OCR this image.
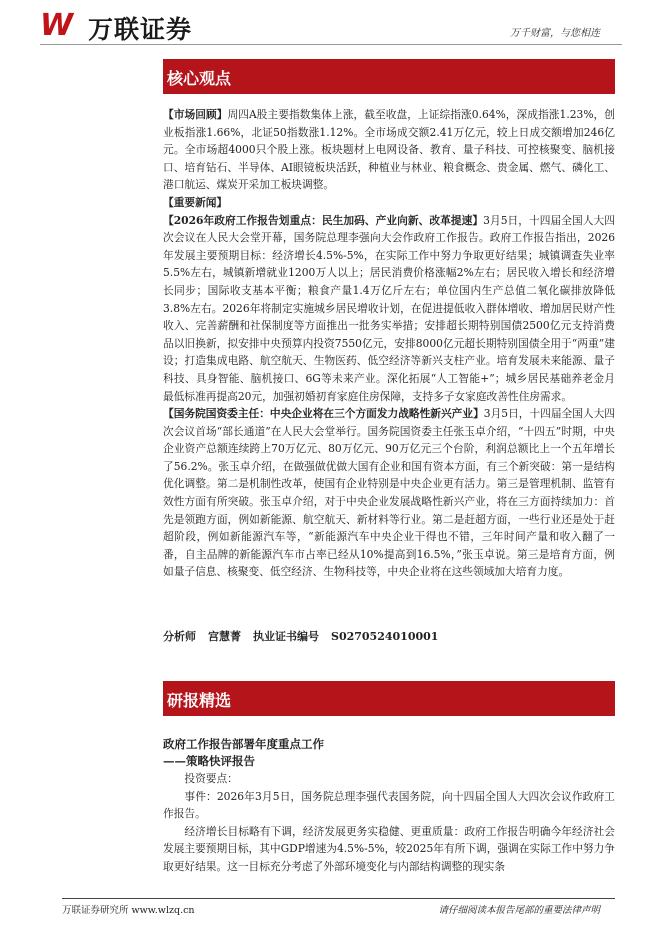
W 万联证券	万千财富，与您相连
核心观点

【市场回顾】周四A股主要指数集体上涨，截至收盘，上证综指涨0.64%，深成指涨1.23%，创业板指涨1.66%，北证50指数涨1.12%。全市场成交额2.41万亿元，较上日成交额增加246亿元。全市场超4000只个股上涨。板块题材上电网设备、教育、量子科技、可控核聚变、脑机接口、培育钻石、半导体、AI眼镜板块活跃，种植业与林业、粮食概念、贵金属、燃气、磷化工、港口航运、煤炭开采加工板块调整。

【重要新闻】

【2026年政府工作报告划重点：民生加码、产业向新、改革提速】3月5日，十四届全国人大四次会议在人民大会堂开幕，国务院总理李强向大会作政府工作报告。政府工作报告指出，2026年发展主要预期目标：经济增长4.5%-5%，在实际工作中努力争取更好结果；城镇调查失业率5.5%左右，城镇新增就业1200万人以上；居民消费价格涨幅2%左右；居民收入增长和经济增长同步；国际收支基本平衡；粮食产量1.4万亿斤左右；单位国内生产总值二氧化碳排放降低3.8%左右。2026年将制定实施城乡居民增收计划，在促进提低收入群体增收、增加居民财产性收入、完善薪酬和社保制度等方面推出一批务实举措；安排超长期特别国债2500亿元支持消费品以旧换新，拟安排中央预算内投资7550亿元，安排8000亿元超长期特别国债全用于“两重”建设；打造集成电路、航空航天、生物医药、低空经济等新兴支柱产业。培育发展未来能源、量子科技、具身智能、脑机接口、6G等未来产业。深化拓展“人工智能+”；城乡居民基础养老金月最低标准再提高20元，加强初婚初育家庭住房保障，支持多子女家庭改善性住房需求。

【国务院国资委主任：中央企业将在三个方面发力战略性新兴产业】3月5日，十四届全国人大四次会议首场“部长通道”在人民大会堂举行。国务院国资委主任张玉卓介绍，“十四五”时期，中央企业资产总额连续跨上70万亿元、80万亿元、90万亿元三个台阶，利润总额比上一个五年增长了56.2%。张玉卓介绍，在做强做优做大国有企业和国有资本方面，有三个新突破：第一是结构优化调整。第二是机制性改革，使国有企业特别是中央企业更有活力。第三是管理机制、监管有效性方面有所突破。张玉卓介绍，对于中央企业发展战略性新兴产业，将在三方面持续加力：首先是领跑方面，例如新能源、航空航天、新材料等行业。第二是赶超方面，一些行业还是处于赶超阶段，例如新能源汽车等，“新能源汽车中央企业干得也不错，三年时间产量和收入翻了一番，自主品牌的新能源汽车市占率已经从10%提高到16.5%，”张玉卓说。第三是培育方面，例如量子信息、核聚变、低空经济、生物科技等，中央企业将在这些领域加大培育力度。

分析师 宫慧菁 执业证书编号 S0270524010001
研报精选
政府工作报告部署年度重点工作
——策略快评报告

投资要点：

事件：2026年3月5日，国务院总理李强代表国务院，向十四届全国人大四次会议作政府工作报告。

经济增长目标略有下调，经济发展更务实稳健、更重质量：政府工作报告明确今年经济社会发展主要预期目标，其中GDP增速为4.5%-5%，较2025年有所下调，强调在实际工作中努力争取更好结果。这一目标充分考虑了外部环境变化与内部结构调整的现实条

万联证券研究所 www.wlzq.cn	请仔细阅读本报告尾部的重要法律声明
